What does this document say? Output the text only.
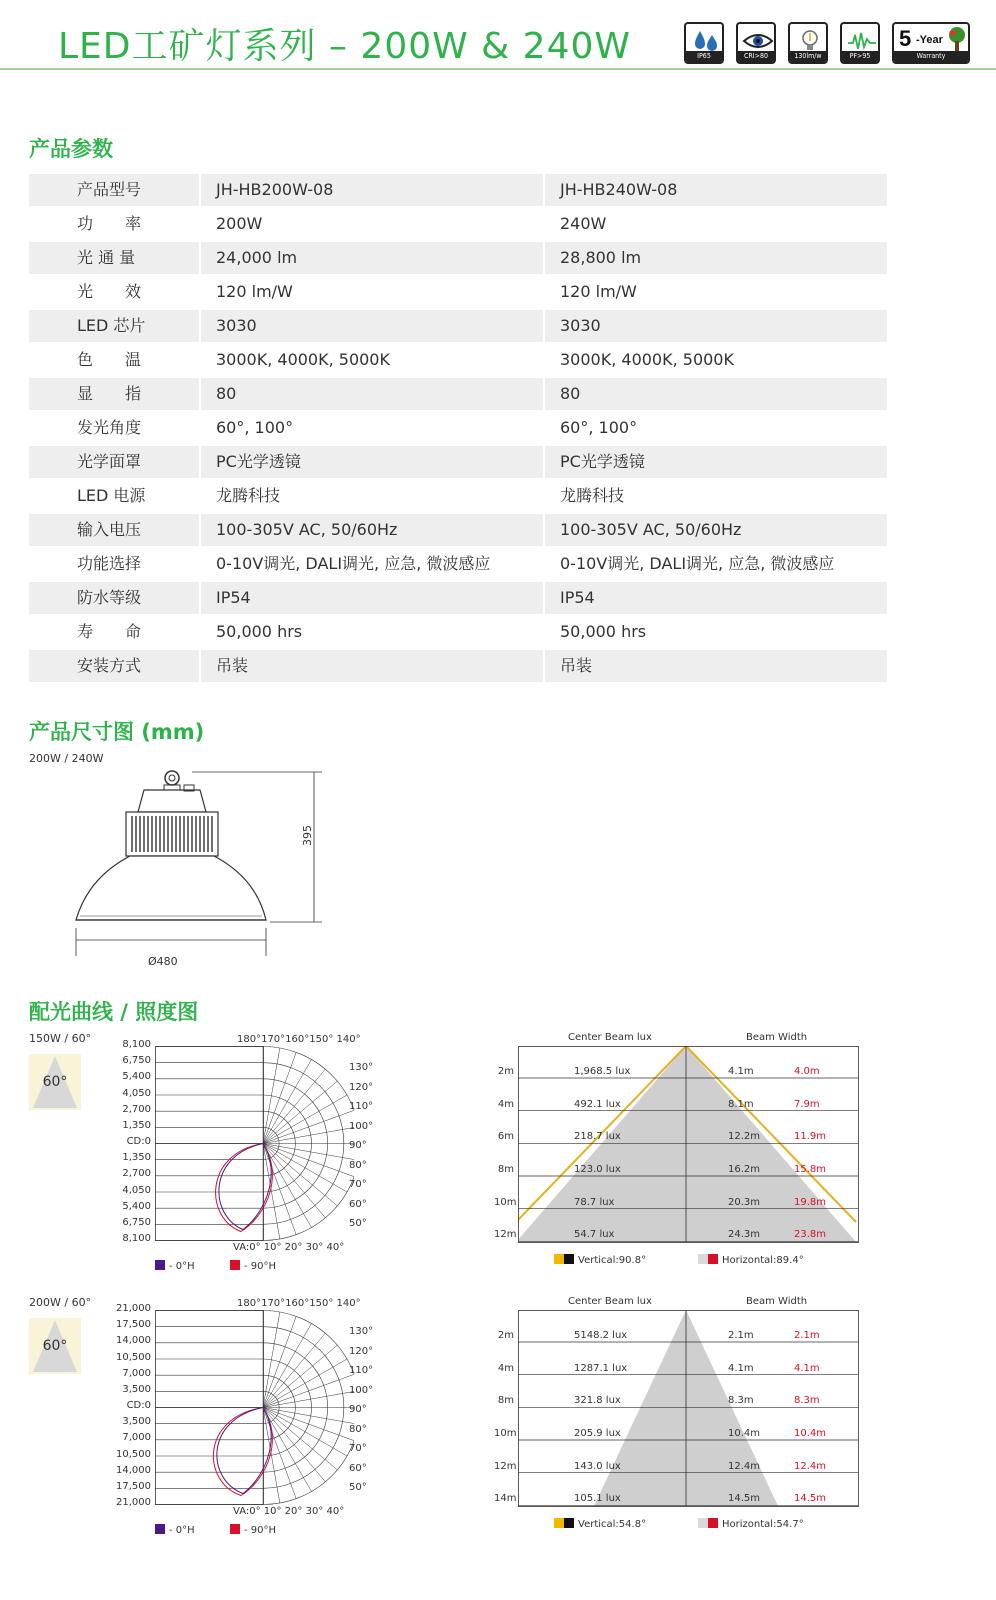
LED工矿灯系列 – 200W & 240W	IP65	CRI>80	130lm/w	PF>95
5 -Year
Warranty
产品参数
产品型号	JH-HB200W-08	JH-HB240W-08
功　　率	200W	240W
光 通 量	24,000 lm	28,800 lm
光　　效	120 lm/W	120 lm/W
LED 芯片	3030	3030
色　　温	3000K, 4000K, 5000K	3000K, 4000K, 5000K
显　　指	80	80
发光角度	60°, 100°	60°, 100°
光学面罩	PC光学透镜	PC光学透镜
LED 电源	龙腾科技	龙腾科技
输入电压	100-305V AC, 50/60Hz	100-305V AC, 50/60Hz
功能选择	0-10V调光, DALI调光, 应急, 微波感应	0-10V调光, DALI调光, 应急, 微波感应
防水等级	IP54	IP54
寿　　命	50,000 hrs	50,000 hrs
安装方式	吊装	吊装
产品尺寸图 (mm)
200W / 240W
395
Ø480
配光曲线 / 照度图
150W / 60°
60°
8,100
6,750
5,400
4,050
2,700
1,350
CD:0
1,350
2,700
4,050
5,400
6,750
8,100
180°170°160°150° 140°
VA:0° 10° 20° 30° 40°
130°
120°
110°
100°
90°
80°
70°
60°
50°
- 0°H	- 90°H
Center Beam lux	Beam Width
2m	1,968.5 lux	4.1m	4.0m
4m	492.1 lux	8.1m	7.9m
6m	218.7 lux	12.2m	11.9m
8m	123.0 lux	16.2m	15.8m
10m	78.7 lux	20.3m	19.8m
12m	54.7 lux	24.3m	23.8m
Vertical:90.8°	Horizontal:89.4°
200W / 60°
60°
21,000
17,500
14,000
10,500
7,000
3,500
CD:0
3,500
7,000
10,500
14,000
17,500
21,000
180°170°160°150° 140°
VA:0° 10° 20° 30° 40°
130°
120°
110°
100°
90°
80°
70°
60°
50°
- 0°H	- 90°H
Center Beam lux	Beam Width
2m	5148.2 lux	2.1m	2.1m
4m	1287.1 lux	4.1m	4.1m
8m	321.8 lux	8.3m	8.3m
10m	205.9 lux	10.4m	10.4m
12m	143.0 lux	12.4m	12.4m
14m	105.1 lux	14.5m	14.5m
Vertical:54.8°	Horizontal:54.7°
